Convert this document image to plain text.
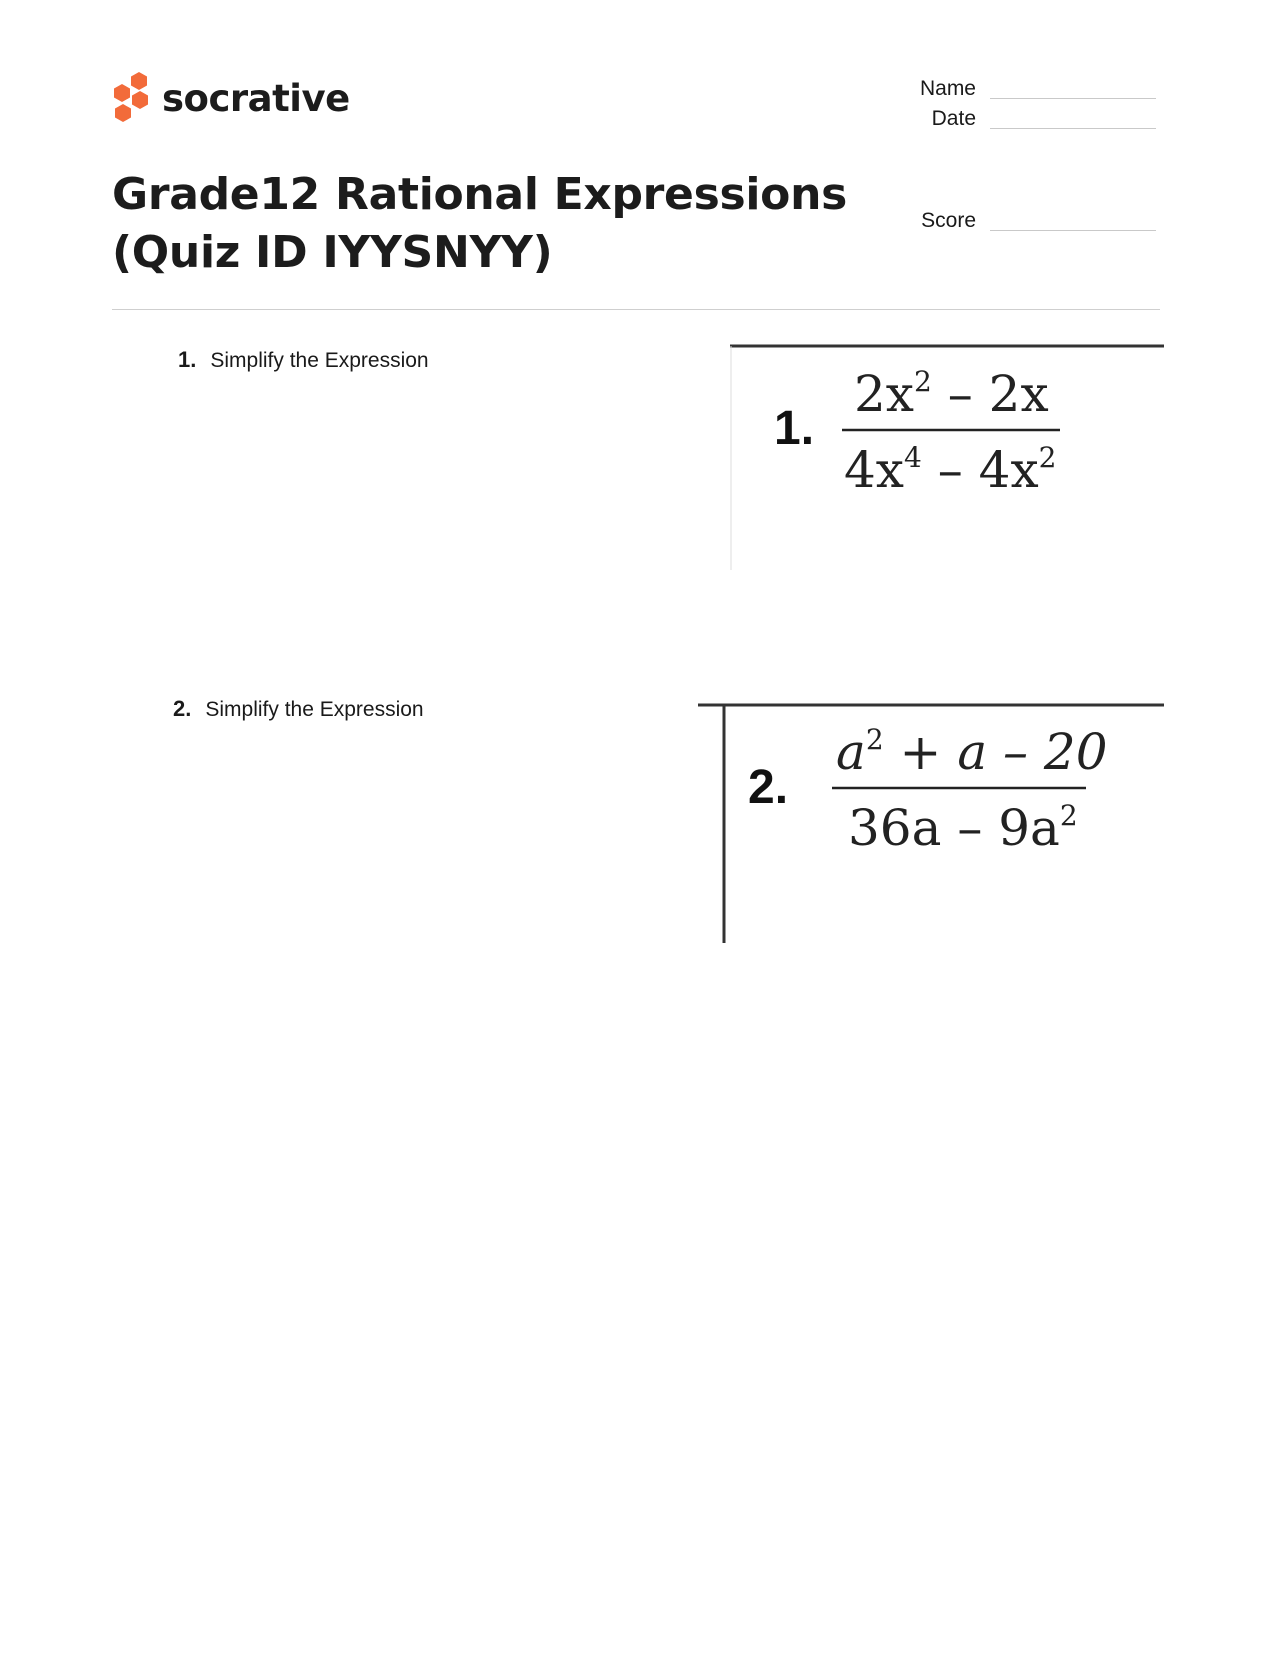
socrative	Name
Date
Score
Grade12 Rational Expressions
(Quiz ID IYYSNYY)
1. Simplify the Expression
1.
$2x^2 - 2x$
$4x^4 - 4x^2$
2. Simplify the Expression
2.
$a^2 + a - 20$
$36a - 9a^2$
